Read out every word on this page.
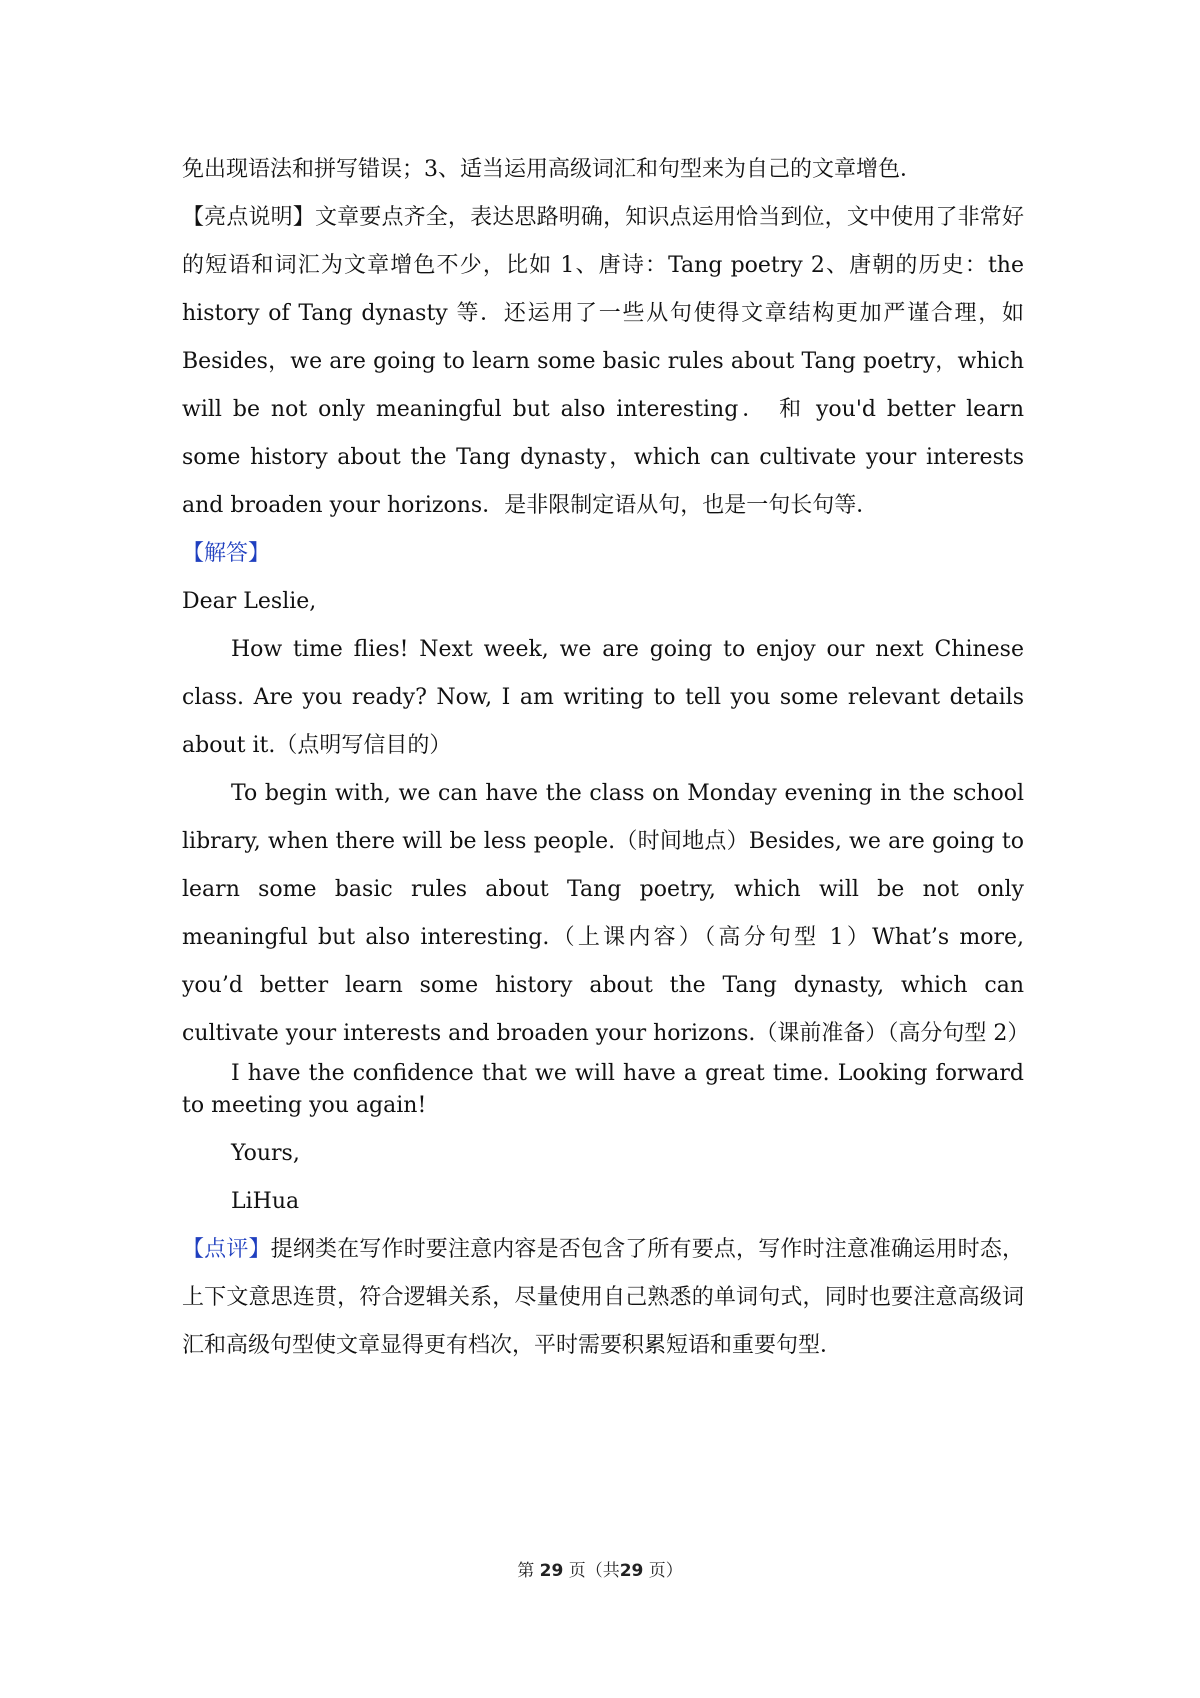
免出现语法和拼写错误；3、适当运用高级词汇和句型来为自己的文章增色．

【亮点说明】文章要点齐全，表达思路明确，知识点运用恰当到位，文中使用了非常好的短语和词汇为文章增色不少，比如 1、唐诗：Tang poetry 2、唐朝的历史：the history of Tang dynasty 等．还运用了一些从句使得文章结构更加严谨合理，如 Besides，we are going to learn some basic rules about Tang poetry，which will be not only meaningful but also interesting． 和 you'd better learn some history about the Tang dynasty，which can cultivate your interests and broaden your horizons．是非限制定语从句，也是一句长句等．

【解答】

Dear Leslie,

How time flies! Next week, we are going to enjoy our next Chinese class. Are you ready? Now, I am writing to tell you some relevant details about it.（点明写信目的）

To begin with, we can have the class on Monday evening in the school library, when there will be less people.（时间地点）Besides, we are going to learn some basic rules about Tang poetry, which will be not only meaningful but also interesting.（上课内容）（高分句型 1）What’s more, you’d better learn some history about the Tang dynasty, which can cultivate your interests and broaden your horizons.（课前准备）（高分句型 2）

I have the confidence that we will have a great time. Looking forward to meeting you again!

Yours,

LiHua

【点评】提纲类在写作时要注意内容是否包含了所有要点，写作时注意准确运用时态，上下文意思连贯，符合逻辑关系，尽量使用自己熟悉的单词句式，同时也要注意高级词汇和高级句型使文章显得更有档次，平时需要积累短语和重要句型．

第 29 页（共29 页）
